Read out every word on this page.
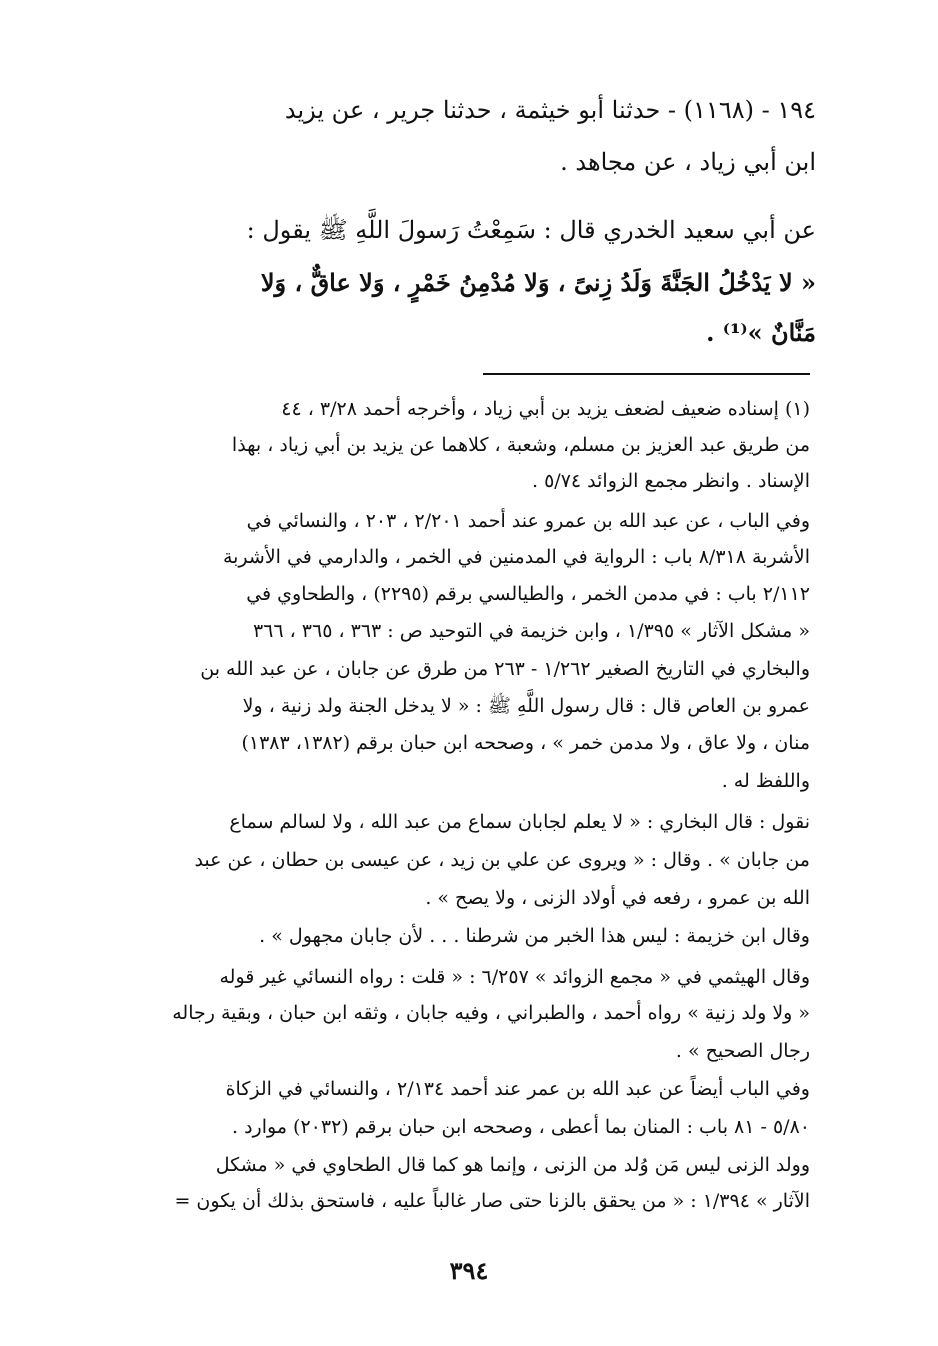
١٩٤ - (١١٦٨) - حدثنا أبو خيثمة ، حدثنا جرير ، عن يزيد

ابن أبي زياد ، عن مجاهد .

عن أبي سعيد الخدري قال : سَمِعْتُ رَسولَ اللَّهِ ﷺ يقول :

« لا يَدْخُلُ الجَنَّةَ وَلَدُ زِنىً ، وَلا مُدْمِنُ خَمْرٍ ، وَلا عاقٌّ ، وَلا

مَنَّانٌ »⁽¹⁾ .

(١) إسناده ضعيف لضعف يزيد بن أبي زياد ، وأخرجه أحمد ٣/٢٨ ، ٤٤

من طريق عبد العزيز بن مسلم، وشعبة ، كلاهما عن يزيد بن أبي زياد ، بهذا

الإسناد . وانظر مجمع الزوائد ٥/٧٤ .

وفي الباب ، عن عبد الله بن عمرو عند أحمد ٢/٢٠١ ، ٢٠٣ ، والنسائي في

الأشربة ٨/٣١٨ باب : الرواية في المدمنين في الخمر ، والدارمي في الأشربة

٢/١١٢ باب : في مدمن الخمر ، والطيالسي برقم (٢٢٩٥) ، والطحاوي في

« مشكل الآثار » ١/٣٩٥ ، وابن خزيمة في التوحيد ص : ٣٦٣ ، ٣٦٥ ، ٣٦٦

والبخاري في التاريخ الصغير ١/٢٦٢ - ٢٦٣ من طرق عن جابان ، عن عبد الله بن

عمرو بن العاص قال : قال رسول اللَّهِ ﷺ : « لا يدخل الجنة ولد زنية ، ولا

منان ، ولا عاق ، ولا مدمن خمر » ، وصححه ابن حبان برقم (١٣٨٢، ١٣٨٣)

واللفظ له .

نقول : قال البخاري : « لا يعلم لجابان سماع من عبد الله ، ولا لسالم سماع

من جابان » . وقال : « ويروى عن علي بن زيد ، عن عيسى بن حطان ، عن عبد

الله بن عمرو ، رفعه في أولاد الزنى ، ولا يصح » .

وقال ابن خزيمة : ليس هذا الخبر من شرطنا . . . لأن جابان مجهول » .

وقال الهيثمي في « مجمع الزوائد » ٦/٢٥٧ : « قلت : رواه النسائي غير قوله

« ولا ولد زنية » رواه أحمد ، والطبراني ، وفيه جابان ، وثقه ابن حبان ، وبقية رجاله

رجال الصحيح » .

وفي الباب أيضاً عن عبد الله بن عمر عند أحمد ٢/١٣٤ ، والنسائي في الزكاة

٥/٨٠ - ٨١ باب : المنان بما أعطى ، وصححه ابن حبان برقم (٢٠٣٢) موارد .

وولد الزنى ليس مَن وُلد من الزنى ، وإنما هو كما قال الطحاوي في « مشكل

الآثار » ١/٣٩٤ : « من يحقق بالزنا حتى صار غالباً عليه ، فاستحق بذلك أن يكون =

٣٩٤
